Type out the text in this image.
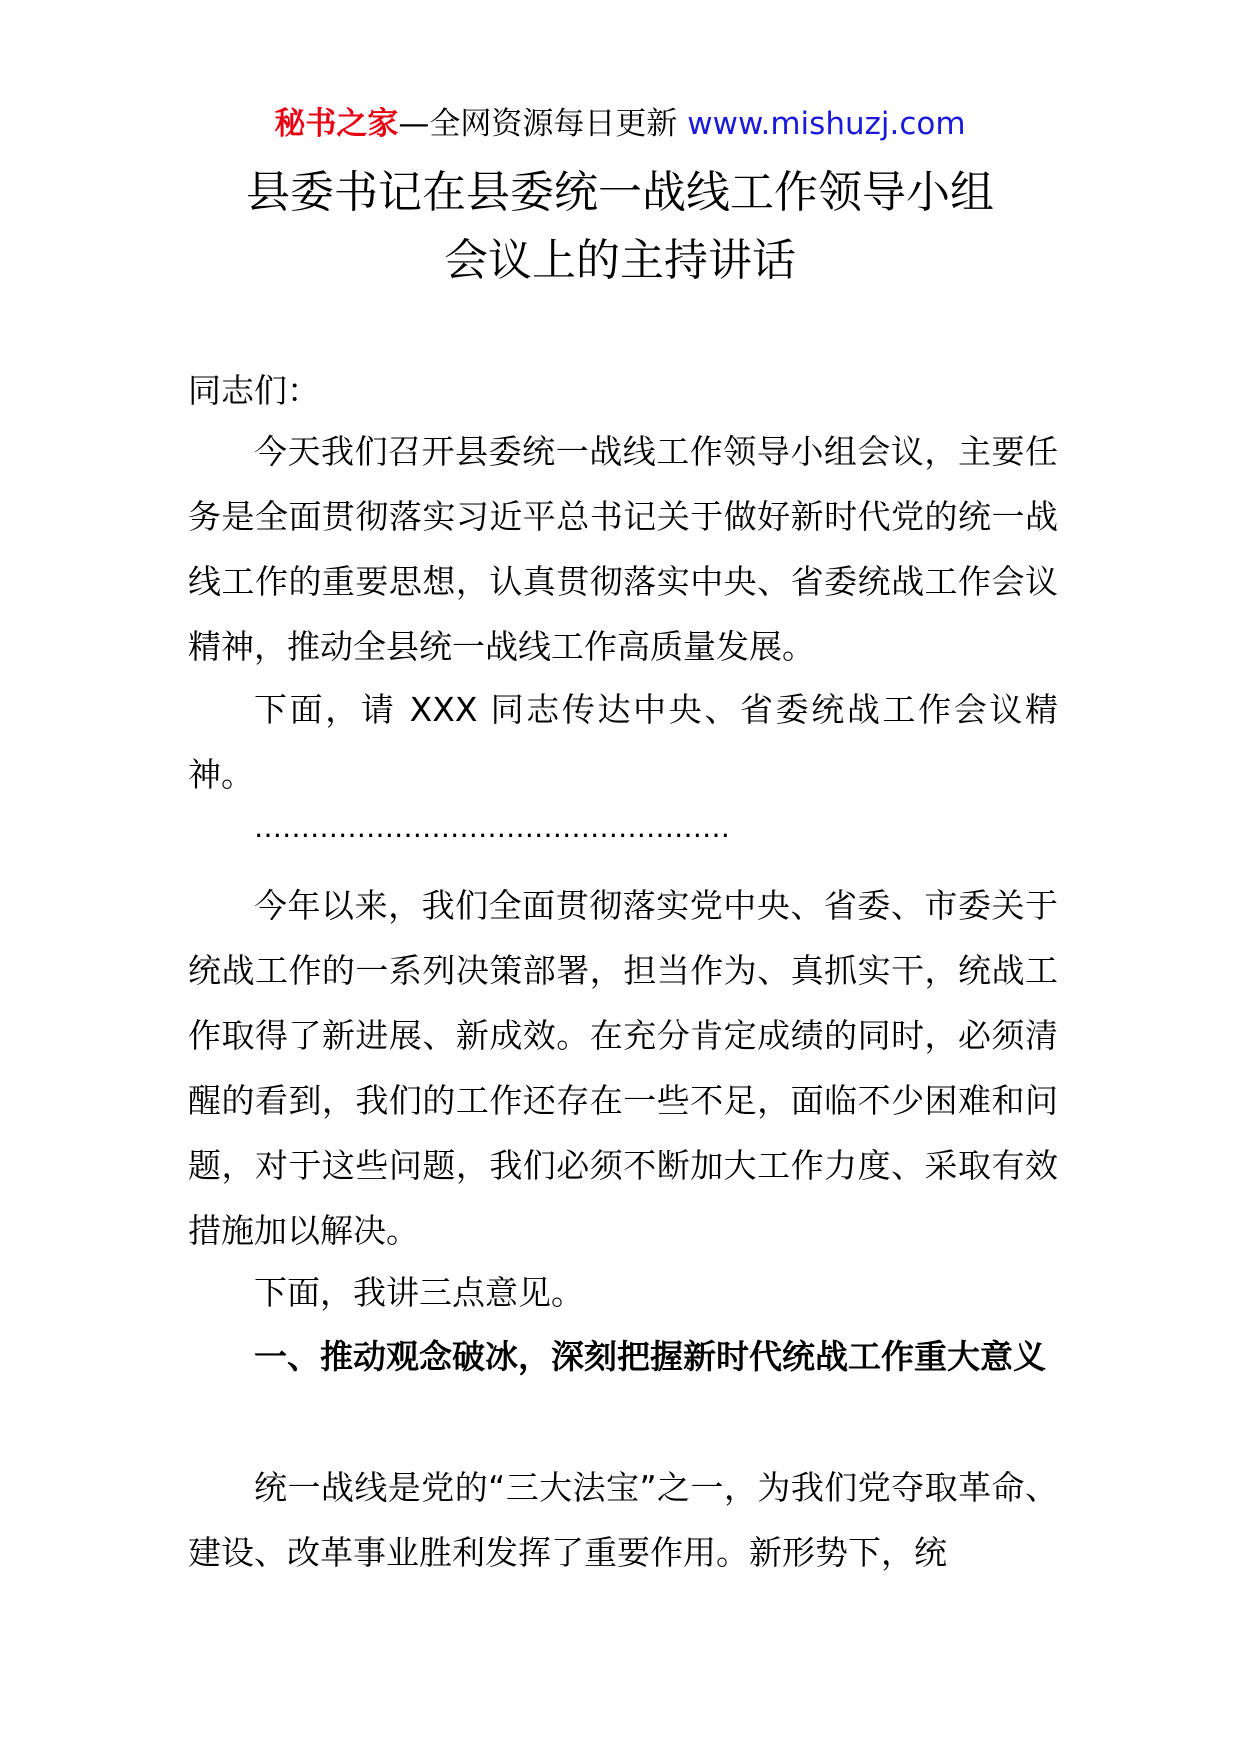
秘书之家—全网资源每日更新 www.mishuzj.com
县委书记在县委统一战线工作领导小组
会议上的主持讲话
同志们：
今天我们召开县委统一战线工作领导小组会议，主要任务是全面贯彻落实习近平总书记关于做好新时代党的统一战线工作的重要思想，认真贯彻落实中央、省委统战工作会议精神，推动全县统一战线工作高质量发展。
下面，请 XXX 同志传达中央、省委统战工作会议精神。
……………………………………………
今年以来，我们全面贯彻落实党中央、省委、市委关于统战工作的一系列决策部署，担当作为、真抓实干，统战工作取得了新进展、新成效。在充分肯定成绩的同时，必须清醒的看到，我们的工作还存在一些不足，面临不少困难和问题，对于这些问题，我们必须不断加大工作力度、采取有效措施加以解决。
下面，我讲三点意见。
一、推动观念破冰，深刻把握新时代统战工作重大意义
统一战线是党的“三大法宝”之一，为我们党夺取革命、建设、改革事业胜利发挥了重要作用。新形势下，统
